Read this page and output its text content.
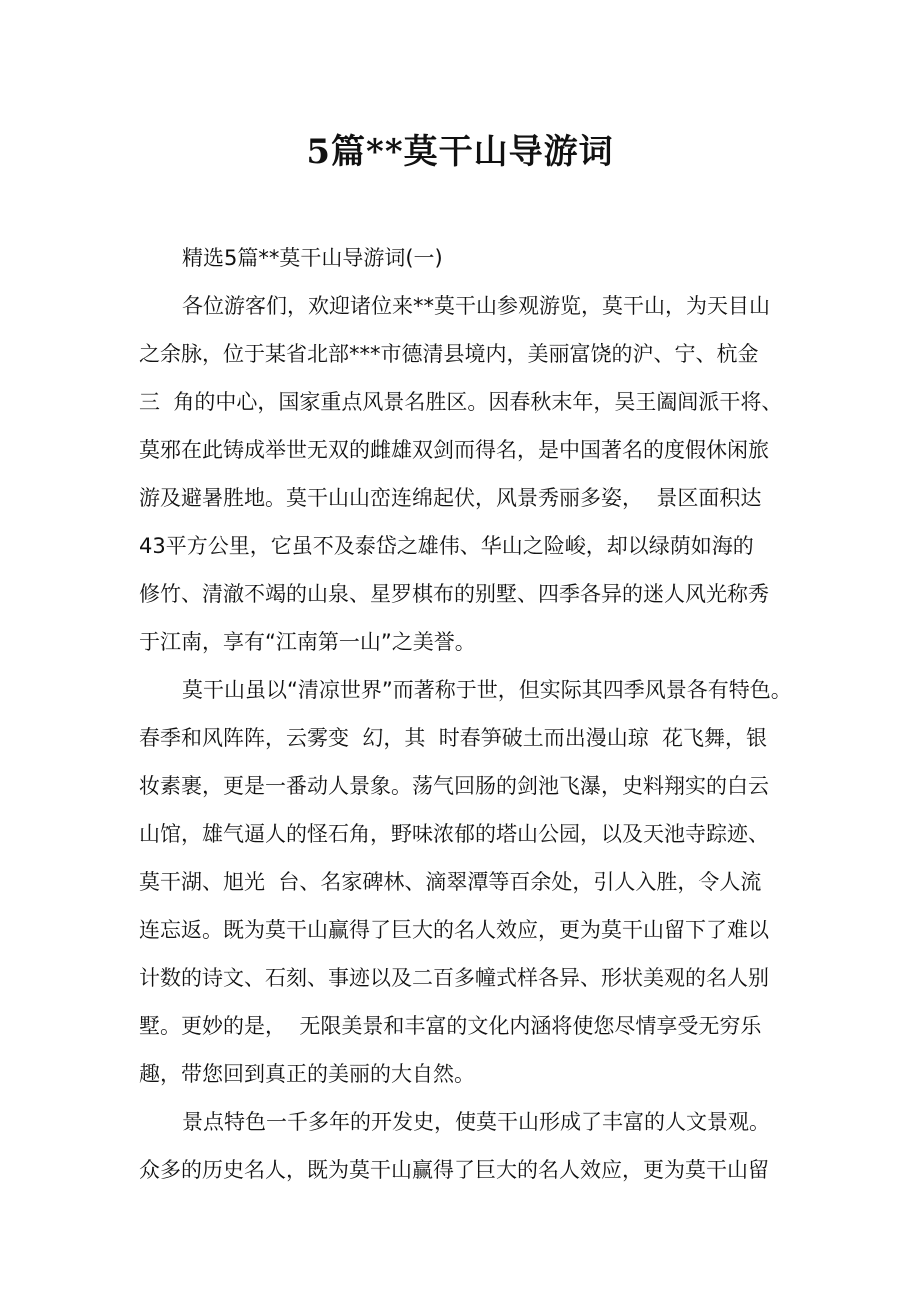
5篇**莫干山导游词
精选5篇**莫干山导游词(一)
各位游客们，欢迎诸位来**莫干山参观游览，莫干山，为天目山
之余脉，位于某省北部***市德清县境内，美丽富饶的沪、宁、杭金
三  角的中心，国家重点风景名胜区。因春秋末年，吴王阖闾派干将、
莫邪在此铸成举世无双的雌雄双剑而得名，是中国著名的度假休闲旅
游及避暑胜地。莫干山山峦连绵起伏，风景秀丽多姿，  景区面积达
43平方公里，它虽不及泰岱之雄伟、华山之险峻，却以绿荫如海的
修竹、清澈不竭的山泉、星罗棋布的别墅、四季各异的迷人风光称秀
于江南，享有“江南第一山”之美誉。
莫干山虽以“清凉世界”而著称于世，但实际其四季风景各有特色。
春季和风阵阵，云雾变  幻，其  时春笋破土而出漫山琼  花飞舞，银
妆素裹，更是一番动人景象。荡气回肠的剑池飞瀑，史料翔实的白云
山馆，雄气逼人的怪石角，野味浓郁的塔山公园，以及天池寺踪迹、
莫干湖、旭光  台、名家碑林、滴翠潭等百余处，引人入胜，令人流
连忘返。既为莫干山赢得了巨大的名人效应，更为莫干山留下了难以
计数的诗文、石刻、事迹以及二百多幢式样各异、形状美观的名人别
墅。更妙的是，  无限美景和丰富的文化内涵将使您尽情享受无穷乐
趣，带您回到真正的美丽的大自然。
景点特色一千多年的开发史，使莫干山形成了丰富的人文景观。
众多的历史名人，既为莫干山赢得了巨大的名人效应，更为莫干山留
